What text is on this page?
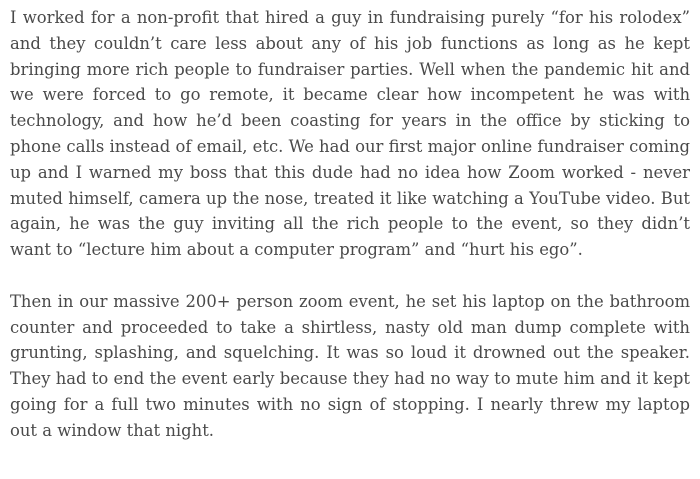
I worked for a non-profit that hired a guy in fundraising purely “for his rolodex” and they couldn’t care less about any of his job functions as long as he kept bringing more rich people to fundraiser parties. Well when the pandemic hit and we were forced to go remote, it became clear how incompetent he was with technology, and how he’d been coasting for years in the office by sticking to phone calls instead of email, etc. We had our first major online fundraiser coming up and I warned my boss that this dude had no idea how Zoom worked - never muted himself, camera up the nose, treated it like watching a YouTube video. But again, he was the guy inviting all the rich people to the event, so they didn’t want to “lecture him about a computer program” and “hurt his ego”.

Then in our massive 200+ person zoom event, he set his laptop on the bathroom counter and proceeded to take a shirtless, nasty old man dump complete with grunting, splashing, and squelching. It was so loud it drowned out the speaker. They had to end the event early because they had no way to mute him and it kept going for a full two minutes with no sign of stopping. I nearly threw my laptop out a window that night.
